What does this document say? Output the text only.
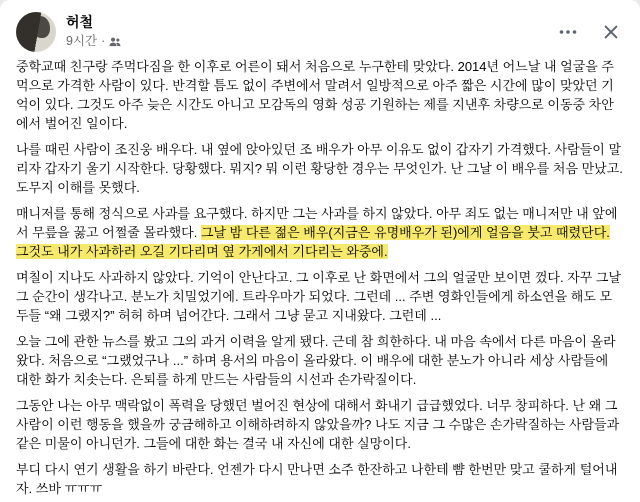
허철
9시간 ·

중학교때 친구랑 주먹다짐을 한 이후로 어른이 돼서 처음으로 누구한테 맞았다. 2014년 어느날 내 얼굴을 주먹으로 가격한 사람이 있다. 반격할 틈도 없이 주변에서 말려서 일방적으로 아주 짧은 시간에 많이 맞았던 기억이 있다. 그것도 아주 늦은 시간도 아니고 모감독의 영화 성공 기원하는 제를 지낸후 차량으로 이동중 차안에서 벌어진 일이다.

나를 때린 사람이 조진웅 배우다. 내 옆에 앉아있던 조 배우가 아무 이유도 없이 갑자기 가격했다. 사람들이 말리자 갑자기 울기 시작한다. 당황했다. 뭐지? 뭐 이런 황당한 경우는 무엇인가. 난 그날 이 배우를 처음 만났고. 도무지 이해를 못했다.

매니저를 통해 정식으로 사과를 요구했다. 하지만 그는 사과를 하지 않았다. 아무 죄도 없는 매니저만 내 앞에서 무릎을 꿇고 어쩔줄 몰라했다. 그날 밤 다른 젊은 배우(지금은 유명배우가 된)에게 얼음을 붓고 때렸단다. 그것도 내가 사과하러 오길 기다리며 옆 가게에서 기다리는 와중에.

며칠이 지나도 사과하지 않았다. 기억이 안난다고. 그 이후로 난 화면에서 그의 얼굴만 보이면 껐다. 자꾸 그날 그 순간이 생각나고. 분노가 치밀었기에. 트라우마가 되었다. 그런데 ... 주변 영화인들에게 하소연을 해도 모두들 “왜 그랬지?” 허허 하며 넘어간다. 그래서 그냥 묻고 지내왔다. 그런데 ...

오늘 그에 관한 뉴스를 봤고 그의 과거 이력을 알게 됐다. 근데 참 희한하다. 내 마음 속에서 다른 마음이 올라왔다. 처음으로 “그랬었구나 ...” 하며 용서의 마음이 올라왔다. 이 배우에 대한 분노가 아니라 세상 사람들에 대한 화가 치솟는다. 은퇴를 하게 만드는 사람들의 시선과 손가락질이다.

그동안 나는 아무 맥락없이 폭력을 당했던 벌어진 현상에 대해서 화내기 급급했었다. 너무 창피하다. 난 왜 그 사람이 이런 행동을 했을까 궁금해하고 이해하려하지 않았을까? 나도 지금 그 수많은 손가락질하는 사람들과 같은 미물이 아니던가. 그들에 대한 화는 결국 내 자신에 대한 실망이다.

부디 다시 연기 생활을 하기 바란다. 언젠가 다시 만나면 소주 한잔하고 나한테 뺨 한번만 맞고 쿨하게 털어내자. 쓰바 ㅠㅠㅠ
